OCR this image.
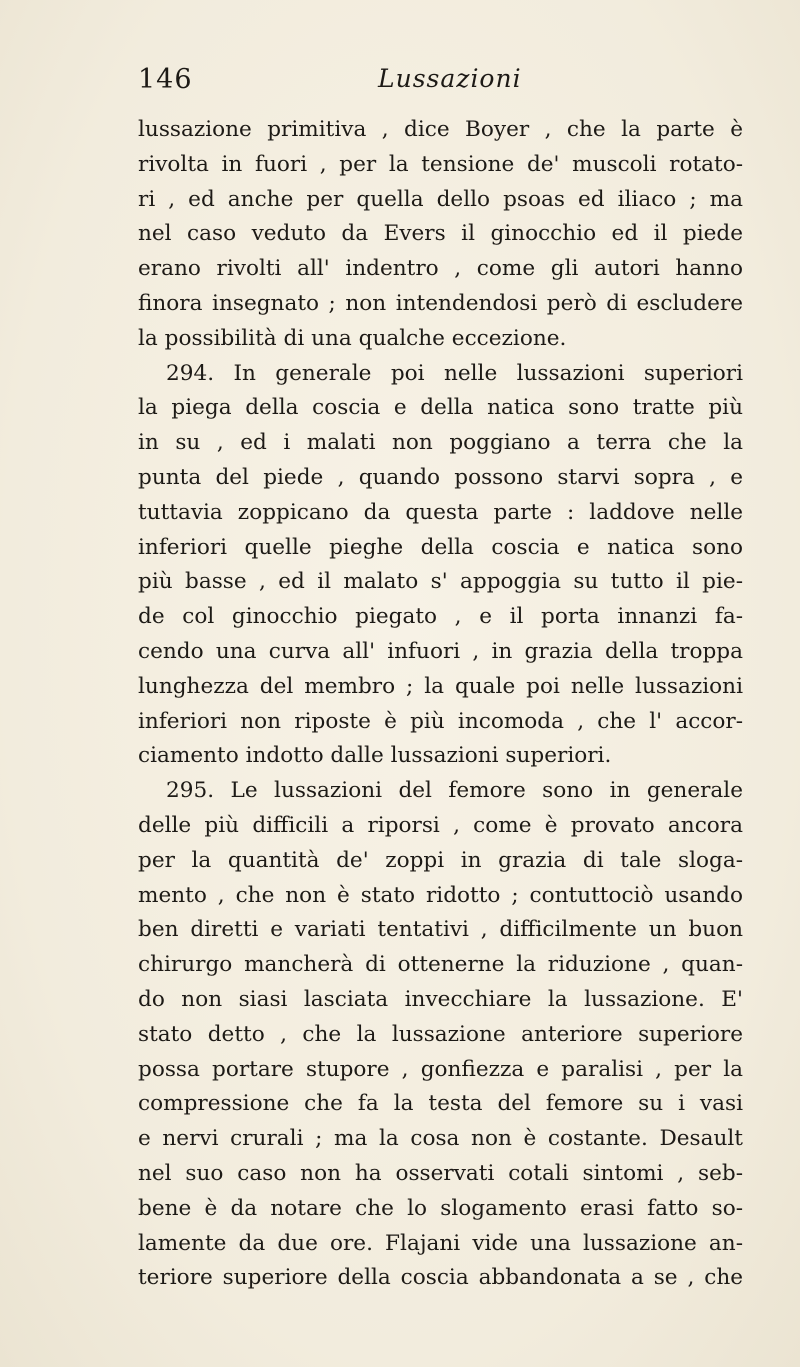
146	Lussazioni
lussazione primitiva , dice Boyer , che la parte è
rivolta in fuori , per la tensione de' muscoli rotato-
ri , ed anche per quella dello psoas ed iliaco ; ma
nel caso veduto da Evers il ginocchio ed il piede
erano rivolti all' indentro , come gli autori hanno
finora insegnato ; non intendendosi però di escludere
la possibilità di una qualche eccezione.
294. In generale poi nelle lussazioni superiori
la piega della coscia e della natica sono tratte più
in su , ed i malati non poggiano a terra che la
punta del piede , quando possono starvi sopra , e
tuttavia zoppicano da questa parte : laddove nelle
inferiori quelle pieghe della coscia e natica sono
più basse , ed il malato s' appoggia su tutto il pie-
de col ginocchio piegato , e il porta innanzi fa-
cendo una curva all' infuori , in grazia della troppa
lunghezza del membro ; la quale poi nelle lussazioni
inferiori non riposte è più incomoda , che l' accor-
ciamento indotto dalle lussazioni superiori.
295. Le lussazioni del femore sono in generale
delle più difficili a riporsi , come è provato ancora
per la quantità de' zoppi in grazia di tale sloga-
mento , che non è stato ridotto ; contuttociò usando
ben diretti e variati tentativi , difficilmente un buon
chirurgo mancherà di ottenerne la riduzione , quan-
do non siasi lasciata invecchiare la lussazione. E'
stato detto , che la lussazione anteriore superiore
possa portare stupore , gonfiezza e paralisi , per la
compressione che fa la testa del femore su i vasi
e nervi crurali ; ma la cosa non è costante. Desault
nel suo caso non ha osservati cotali sintomi , seb-
bene è da notare che lo slogamento erasi fatto so-
lamente da due ore. Flajani vide una lussazione an-
teriore superiore della coscia abbandonata a se , che
